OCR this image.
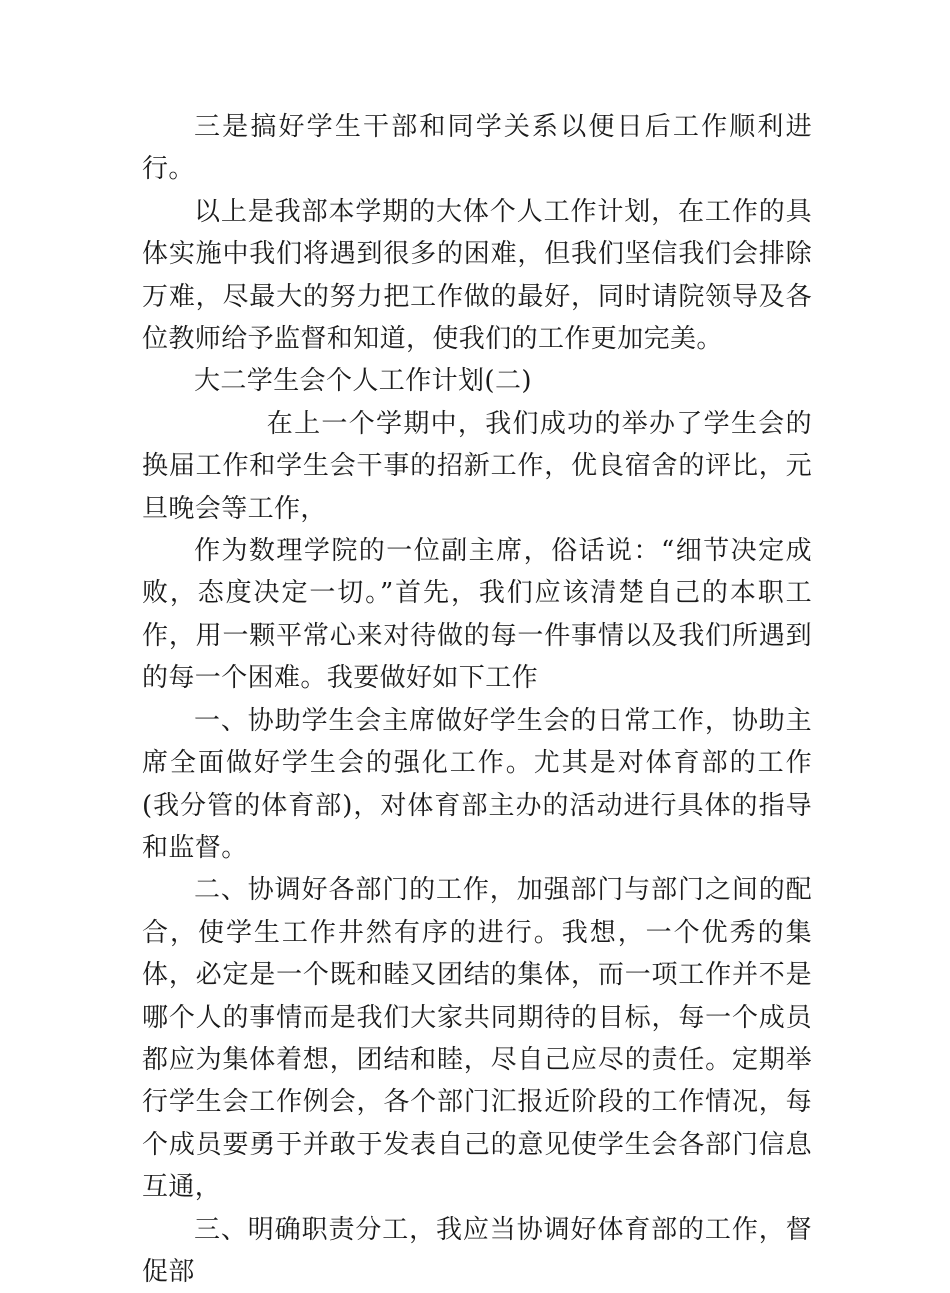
三是搞好学生干部和同学关系以便日后工作顺利进行。

以上是我部本学期的大体个人工作计划，在工作的具体实施中我们将遇到很多的困难，但我们坚信我们会排除万难，尽最大的努力把工作做的最好，同时请院领导及各位教师给予监督和知道，使我们的工作更加完美。

大二学生会个人工作计划(二)

在上一个学期中，我们成功的举办了学生会的换届工作和学生会干事的招新工作，优良宿舍的评比，元旦晚会等工作，

作为数理学院的一位副主席，俗话说：“细节决定成败，态度决定一切。”首先，我们应该清楚自己的本职工作，用一颗平常心来对待做的每一件事情以及我们所遇到的每一个困难。我要做好如下工作

一、协助学生会主席做好学生会的日常工作，协助主席全面做好学生会的强化工作。尤其是对体育部的工作(我分管的体育部)，对体育部主办的活动进行具体的指导和监督。

二、协调好各部门的工作，加强部门与部门之间的配合，使学生工作井然有序的进行。我想，一个优秀的集体，必定是一个既和睦又团结的集体，而一项工作并不是哪个人的事情而是我们大家共同期待的目标，每一个成员都应为集体着想，团结和睦，尽自己应尽的责任。定期举行学生会工作例会，各个部门汇报近阶段的工作情况，每个成员要勇于并敢于发表自己的意见使学生会各部门信息互通，

三、明确职责分工，我应当协调好体育部的工作，督促部
